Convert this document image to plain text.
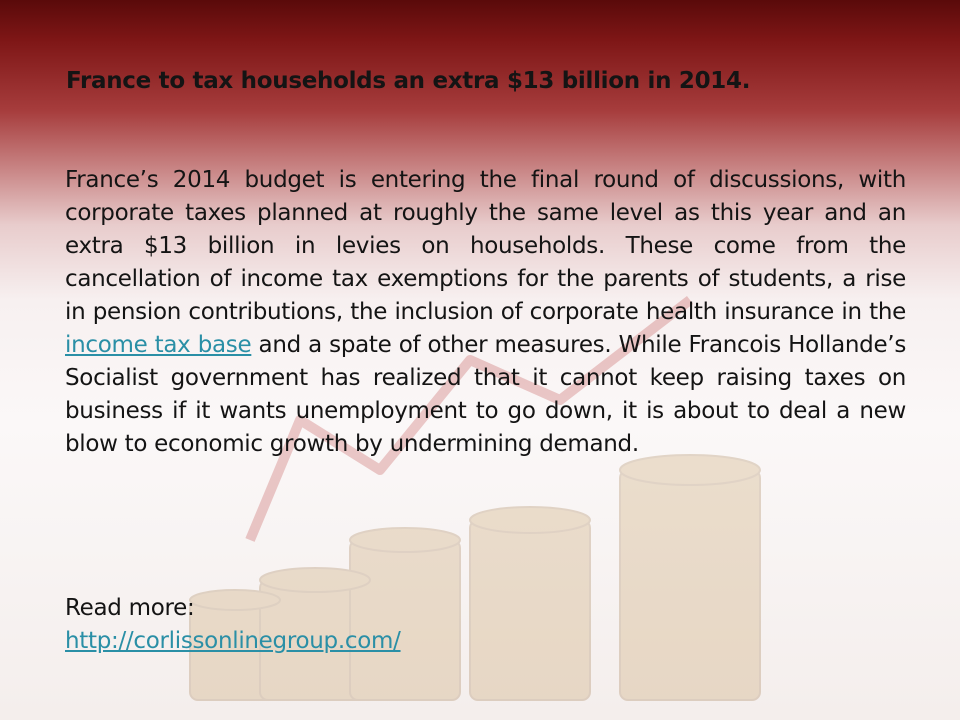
France to tax households an extra $13 billion in 2014.

France’s 2014 budget is entering the final round of discussions, with corporate taxes planned at roughly the same level as this year and an extra $13 billion in levies on households. These come from the cancellation of income tax exemptions for the parents of students, a rise in pension contributions, the inclusion of corporate health insurance in the income tax base and a spate of other measures. While Francois Hollande’s Socialist government has realized that it cannot keep raising taxes on business if it wants unemployment to go down, it is about to deal a new blow to economic growth by undermining demand.

Read more:
http://corlissonlinegroup.com/
